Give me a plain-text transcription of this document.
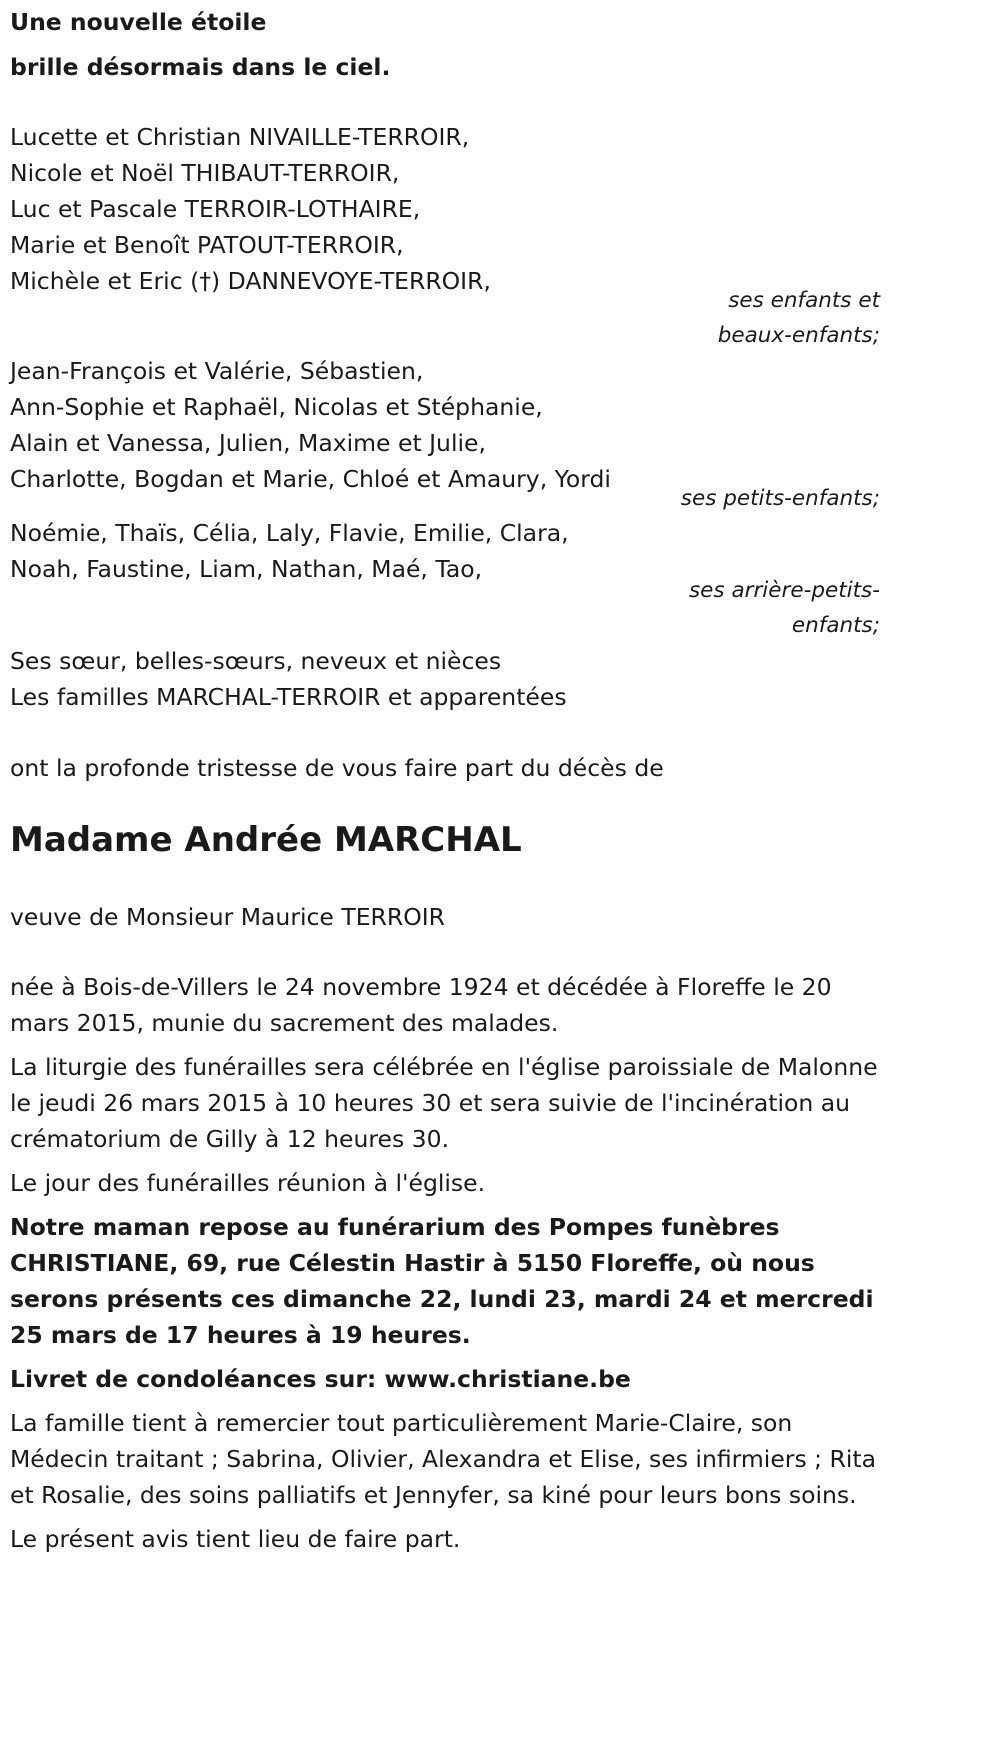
Une nouvelle étoile

brille désormais dans le ciel.

Lucette et Christian NIVAILLE-TERROIR,

Nicole et Noël THIBAUT-TERROIR,

Luc et Pascale TERROIR-LOTHAIRE,

Marie et Benoît PATOUT-TERROIR,

Michèle et Eric (†) DANNEVOYE-TERROIR,

ses enfants et

beaux-enfants;

Jean-François et Valérie, Sébastien,

Ann-Sophie et Raphaël, Nicolas et Stéphanie,

Alain et Vanessa, Julien, Maxime et Julie,

Charlotte, Bogdan et Marie, Chloé et Amaury, Yordi

ses petits-enfants;

Noémie, Thaïs, Célia, Laly, Flavie, Emilie, Clara,

Noah, Faustine, Liam, Nathan, Maé, Tao,

ses arrière-petits-

enfants;

Ses sœur, belles-sœurs, neveux et nièces

Les familles MARCHAL-TERROIR et apparentées

ont la profonde tristesse de vous faire part du décès de

Madame Andrée MARCHAL

veuve de Monsieur Maurice TERROIR

née à Bois-de-Villers le 24 novembre 1924 et décédée à Floreffe le 20 mars 2015, munie du sacrement des malades.

La liturgie des funérailles sera célébrée en l'église paroissiale de Malonne le jeudi 26 mars 2015 à 10 heures 30 et sera suivie de l'incinération au crématorium de Gilly à 12 heures 30.

Le jour des funérailles réunion à l'église.

Notre maman repose au funérarium des Pompes funèbres CHRISTIANE, 69, rue Célestin Hastir à 5150 Floreffe, où nous serons présents ces dimanche 22, lundi 23, mardi 24 et mercredi 25 mars de 17 heures à 19 heures.

Livret de condoléances sur: www.christiane.be

La famille tient à remercier tout particulièrement Marie-Claire, son Médecin traitant ; Sabrina, Olivier, Alexandra et Elise, ses infirmiers ; Rita et Rosalie, des soins palliatifs et Jennyfer, sa kiné pour leurs bons soins.

Le présent avis tient lieu de faire part.
